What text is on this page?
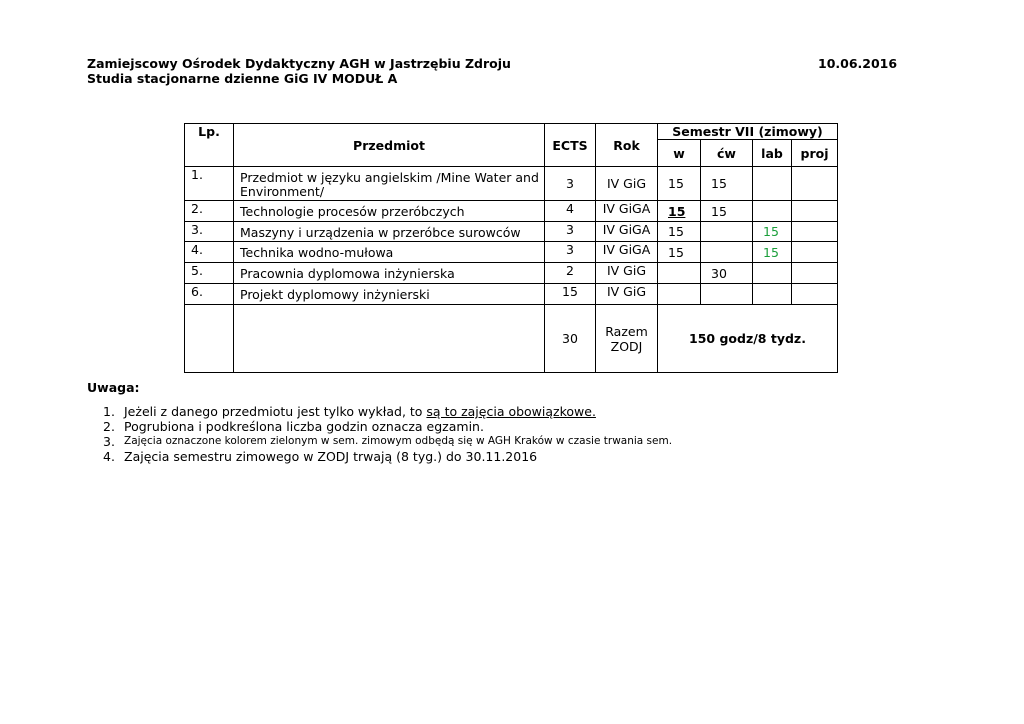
Zamiejscowy Ośrodek Dydaktyczny AGH w Jastrzębiu Zdroju
Studia stacjonarne dzienne GiG IV MODUŁ A
10.06.2016
Lp.	Przedmiot	ECTS	Rok	Semestr VII (zimowy)			
				w	ćw	lab	proj
1.	Przedmiot w języku angielskim /Mine Water and Environment/	3	IV GiG	15	15		
2.	Technologie procesów przeróbczych	4	IV GiGA	15	15		
3.	Maszyny i urządzenia w przeróbce surowców	3	IV GiGA	15		15	
4.	Technika wodno-mułowa	3	IV GiGA	15		15	
5.	Pracownia dyplomowa inżynierska	2	IV GiG		30		
6.	Projekt dyplomowy inżynierski	15	IV GiG				
		30	Razem
ZODJ	150 godz/8 tydz.			
Uwaga:
1. Jeżeli z danego przedmiotu jest tylko wykład, to są to zajęcia obowiązkowe.
2. Pogrubiona i podkreślona liczba godzin oznacza egzamin.
3. Zajęcia oznaczone kolorem zielonym w sem. zimowym odbędą się w AGH Kraków w czasie trwania sem.
4. Zajęcia semestru zimowego w ZODJ trwają (8 tyg.) do 30.11.2016
